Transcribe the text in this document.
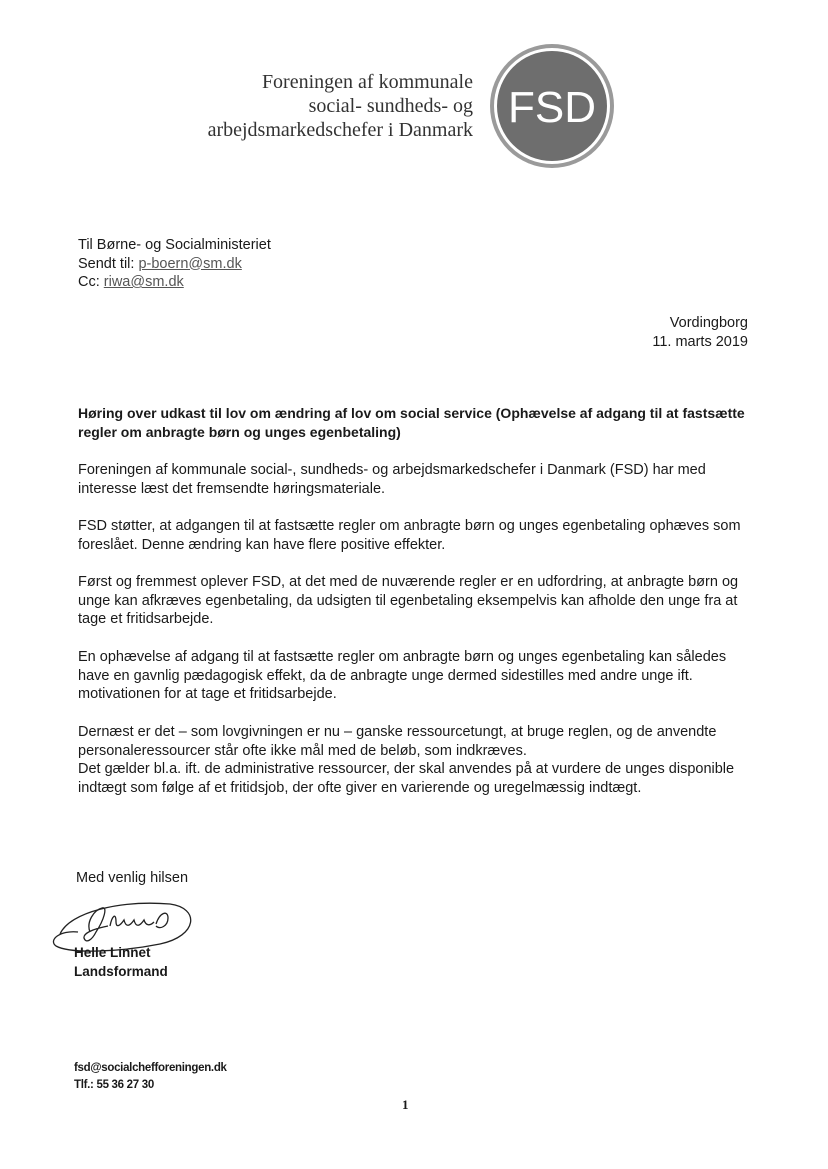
Foreningen af kommunale
social- sundheds- og
arbejdsmarkedschefer i Danmark FSD
Til Børne- og Socialministeriet
Sendt til: p-boern@sm.dk
Cc: riwa@sm.dk
Vordingborg
11. marts 2019
Høring over udkast til lov om ændring af lov om social service (Ophævelse af adgang til at fastsætte regler om anbragte børn og unges egenbetaling)
Foreningen af kommunale social-, sundheds- og arbejdsmarkedschefer i Danmark (FSD) har med interesse læst det fremsendte høringsmateriale.
FSD støtter, at adgangen til at fastsætte regler om anbragte børn og unges egenbetaling ophæves som foreslået. Denne ændring kan have flere positive effekter.
Først og fremmest oplever FSD, at det med de nuværende regler er en udfordring, at anbragte børn og unge kan afkræves egenbetaling, da udsigten til egenbetaling eksempelvis kan afholde den unge fra at tage et fritidsarbejde.
En ophævelse af adgang til at fastsætte regler om anbragte børn og unges egenbetaling kan således have en gavnlig pædagogisk effekt, da de anbragte unge dermed sidestilles med andre unge ift. motivationen for at tage et fritidsarbejde.
Dernæst er det – som lovgivningen er nu – ganske ressourcetungt, at bruge reglen, og de anvendte personaleressourcer står ofte ikke mål med de beløb, som indkræves.
Det gælder bl.a. ift. de administrative ressourcer, der skal anvendes på at vurdere de unges disponible indtægt som følge af et fritidsjob, der ofte giver en varierende og uregelmæssig indtægt.
Med venlig hilsen
Helle Linnet
Landsformand
fsd@socialchefforeningen.dk
Tlf.: 55 36 27 30
1
